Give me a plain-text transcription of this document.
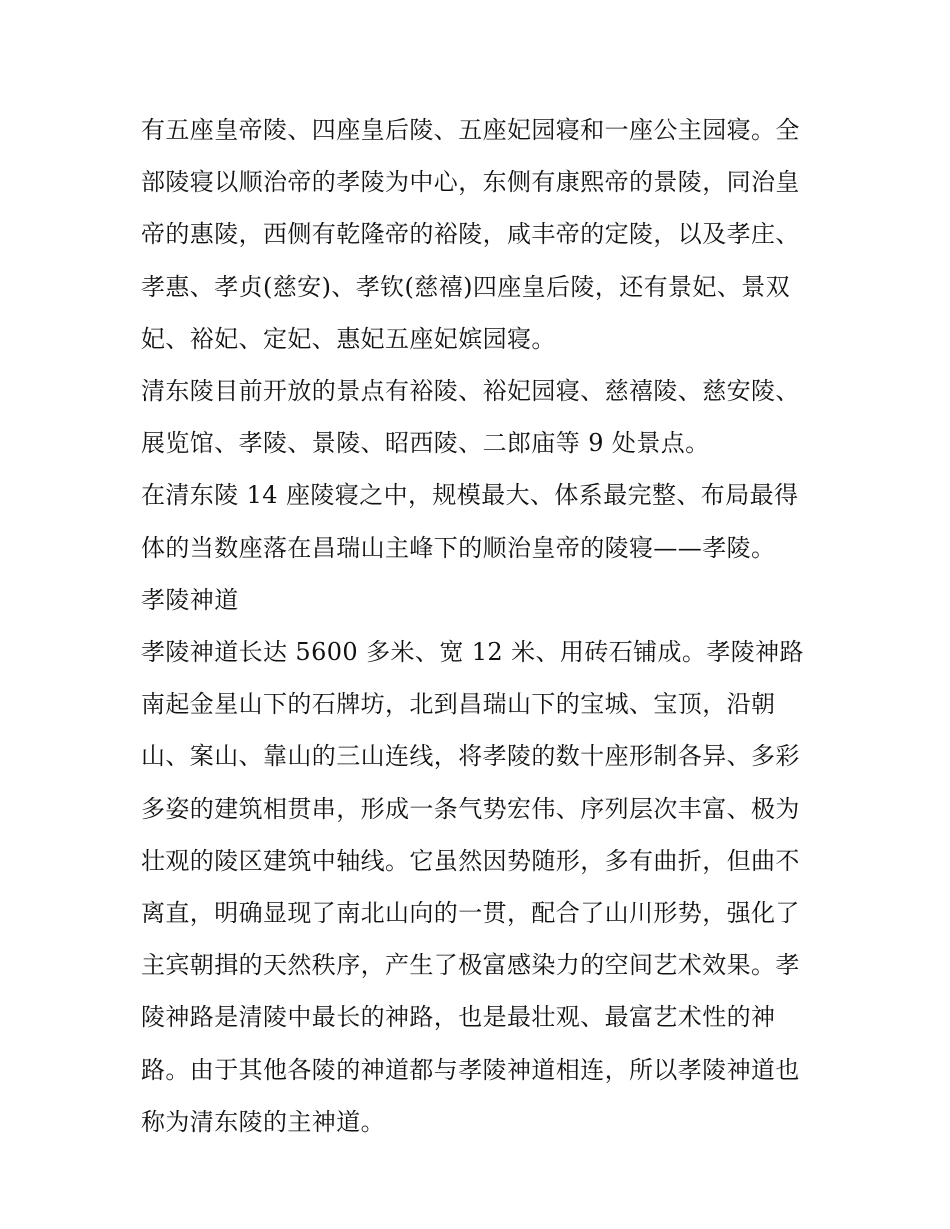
有五座皇帝陵、四座皇后陵、五座妃园寝和一座公主园寝。全部陵寝以顺治帝的孝陵为中心，东侧有康熙帝的景陵，同治皇帝的惠陵，西侧有乾隆帝的裕陵，咸丰帝的定陵，以及孝庄、孝惠、孝贞(慈安)、孝钦(慈禧)四座皇后陵，还有景妃、景双妃、裕妃、定妃、惠妃五座妃嫔园寝。

清东陵目前开放的景点有裕陵、裕妃园寝、慈禧陵、慈安陵、展览馆、孝陵、景陵、昭西陵、二郎庙等 9 处景点。

在清东陵 14 座陵寝之中，规模最大、体系最完整、布局最得体的当数座落在昌瑞山主峰下的顺治皇帝的陵寝——孝陵。

孝陵神道

孝陵神道长达 5600 多米、宽 12 米、用砖石铺成。孝陵神路南起金星山下的石牌坊，北到昌瑞山下的宝城、宝顶，沿朝山、案山、靠山的三山连线，将孝陵的数十座形制各异、多彩多姿的建筑相贯串，形成一条气势宏伟、序列层次丰富、极为壮观的陵区建筑中轴线。它虽然因势随形，多有曲折，但曲不离直，明确显现了南北山向的一贯，配合了山川形势，强化了主宾朝揖的天然秩序，产生了极富感染力的空间艺术效果。孝陵神路是清陵中最长的神路，也是最壮观、最富艺术性的神路。由于其他各陵的神道都与孝陵神道相连，所以孝陵神道也称为清东陵的主神道。
